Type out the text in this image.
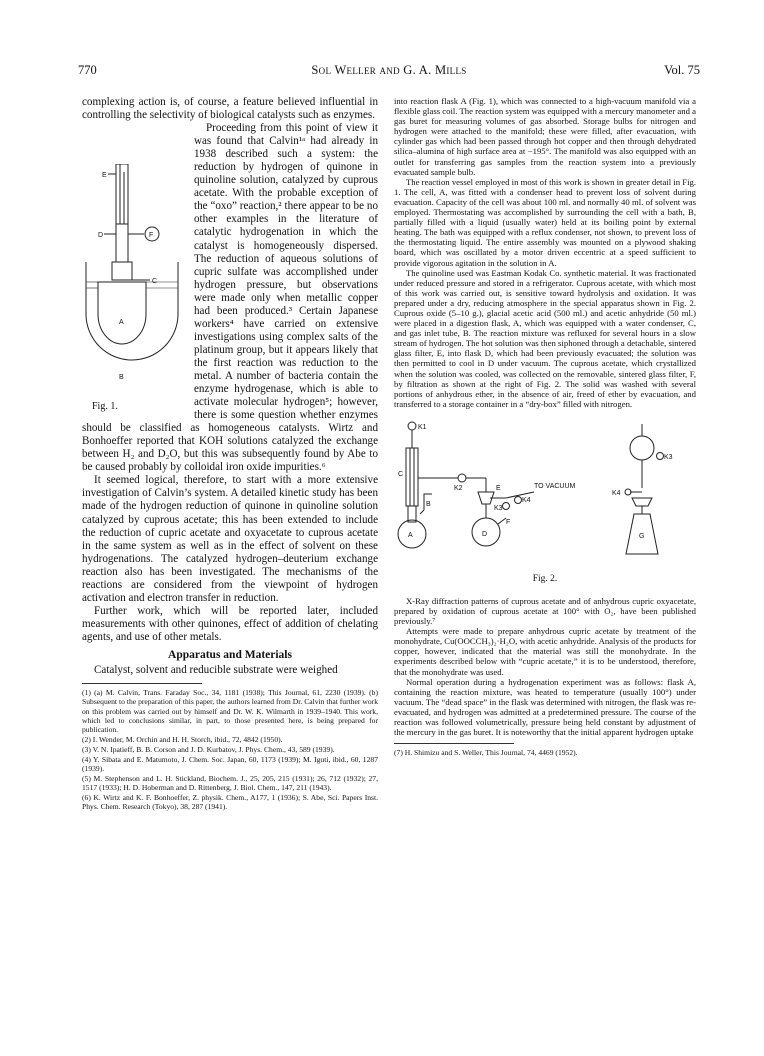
770	Sol Weller and G. A. Mills	Vol. 75

complexing action is, of course, a feature believed influential in controlling the selectivity of biological catalysts such as enzymes.

E
D	F
C
A
B
Fig. 1.

Proceeding from this point of view it was found that Calvin¹ᵃ had already in 1938 described such a system: the reduction by hydrogen of quinone in quinoline solution, catalyzed by cuprous acetate. With the probable exception of the “oxo” reaction,² there appear to be no other examples in the literature of catalytic hydrogenation in which the catalyst is homogeneously dispersed. The reduction of aqueous solutions of cupric sulfate was accomplished under hydrogen pressure, but observations were made only when metallic copper had been produced.³ Certain Japanese workers⁴ have carried on extensive investigations using complex salts of the platinum group, but it appears likely that the first reaction was reduction to the metal. A number of bacteria contain the enzyme hydrogenase, which is able to activate molecular hydrogen⁵; however, there is some question whether enzymes should be classified as homogeneous catalysts. Wirtz and Bonhoeffer reported that KOH solutions catalyzed the exchange between H₂ and D₂O, but this was subsequently found by Abe to be caused probably by colloidal iron oxide impurities.⁶

It seemed logical, therefore, to start with a more extensive investigation of Calvin’s system. A detailed kinetic study has been made of the hydrogen reduction of quinone in quinoline solution catalyzed by cuprous acetate; this has been extended to include the reduction of cupric acetate and oxyacetate to cuprous acetate in the same system as well as in the effect of solvent on these hydrogenations. The catalyzed hydrogen–deuterium exchange reaction also has been investigated. The mechanisms of the reactions are considered from the viewpoint of hydrogen activation and electron transfer in reduction.

Further work, which will be reported later, included measurements with other quinones, effect of addition of chelating agents, and use of other metals.

Apparatus and Materials

Catalyst, solvent and reducible substrate were weighed

(1) (a) M. Calvin, Trans. Faraday Soc., 34, 1181 (1938); This Journal, 61, 2230 (1939). (b) Subsequent to the preparation of this paper, the authors learned from Dr. Calvin that further work on this problem was carried out by himself and Dr. W. K. Wilmarth in 1939–1940. This work, which led to conclusions similar, in part, to those presented here, is being prepared for publication.

(2) I. Wender, M. Orchin and H. H. Storch, ibid., 72, 4842 (1950).

(3) V. N. Ipatieff, B. B. Corson and J. D. Kurbatov, J. Phys. Chem., 43, 589 (1939).

(4) Y. Sibata and E. Matumoto, J. Chem. Soc. Japan, 60, 1173 (1939); M. Iguti, ibid., 60, 1287 (1939).

(5) M. Stephenson and L. H. Stickland, Biochem. J., 25, 205, 215 (1931); 26, 712 (1932); 27, 1517 (1933); H. D. Hoberman and D. Rittenberg, J. Biol. Chem., 147, 211 (1943).

(6) K. Wirtz and K. F. Bonhoeffer, Z. physik. Chem., A177, 1 (1936); S. Abe, Sci. Papers Inst. Phys. Chem. Research (Tokyo), 38, 287 (1941).

into reaction flask A (Fig. 1), which was connected to a high-vacuum manifold via a flexible glass coil. The reaction system was equipped with a mercury manometer and a gas buret for measuring volumes of gas absorbed. Storage bulbs for nitrogen and hydrogen were attached to the manifold; these were filled, after evacuation, with cylinder gas which had been passed through hot copper and then through dehydrated silica–alumina of high surface area at −195°. The manifold was also equipped with an outlet for transferring gas samples from the reaction system into a previously evacuated sample bulb.

The reaction vessel employed in most of this work is shown in greater detail in Fig. 1. The cell, A, was fitted with a condenser head to prevent loss of solvent during evacuation. Capacity of the cell was about 100 ml. and normally 40 ml. of solvent was employed. Thermostating was accomplished by surrounding the cell with a bath, B, partially filled with a liquid (usually water) held at its boiling point by external heating. The bath was equipped with a reflux condenser, not shown, to prevent loss of the thermostating liquid. The entire assembly was mounted on a plywood shaking board, which was oscillated by a motor driven eccentric at a speed sufficient to provide vigorous agitation in the solution in A.

The quinoline used was Eastman Kodak Co. synthetic material. It was fractionated under reduced pressure and stored in a refrigerator. Cuprous acetate, with which most of this work was carried out, is sensitive toward hydrolysis and oxidation. It was prepared under a dry, reducing atmosphere in the special apparatus shown in Fig. 2. Cuprous oxide (5–10 g.), glacial acetic acid (500 ml.) and acetic anhydride (50 ml.) were placed in a digestion flask, A, which was equipped with a water condenser, C, and gas inlet tube, B. The reaction mixture was refluxed for several hours in a slow stream of hydrogen. The hot solution was then siphoned through a detachable, sintered glass filter, E, into flask D, which had been previously evacuated; the solution was then permitted to cool in D under vacuum. The cuprous acetate, which crystallized when the solution was cooled, was collected on the removable, sintered glass filter, F, by filtration as shown at the right of Fig. 2. The solid was washed with several portions of anhydrous ether, in the absence of air, freed of ether by evacuation, and transferred to a storage container in a “dry-box” filled with nitrogen.

K1
C
K2	E	TO VACUUM
B
K3
K4
A	D
F
K3
K4
G
Fig. 2.

X-Ray diffraction patterns of cuprous acetate and of anhydrous cupric oxyacetate, prepared by oxidation of cuprous acetate at 100° with O₂, have been published previously.⁷

Attempts were made to prepare anhydrous cupric acetate by treatment of the monohydrate, Cu(OOCCH₃)₂·H₂O, with acetic anhydride. Analysis of the products for copper, however, indicated that the material was still the monohydrate. In the experiments described below with “cupric acetate,” it is to be understood, therefore, that the monohydrate was used.

Normal operation during a hydrogenation experiment was as follows: flask A, containing the reaction mixture, was heated to temperature (usually 100°) under vacuum. The “dead space” in the flask was determined with nitrogen, the flask was re-evacuated, and hydrogen was admitted at a predetermined pressure. The course of the reaction was followed volumetrically, pressure being held constant by adjustment of the mercury in the gas buret. It is noteworthy that the initial apparent hydrogen uptake

(7) H. Shimizu and S. Weller, This Journal, 74, 4469 (1952).
